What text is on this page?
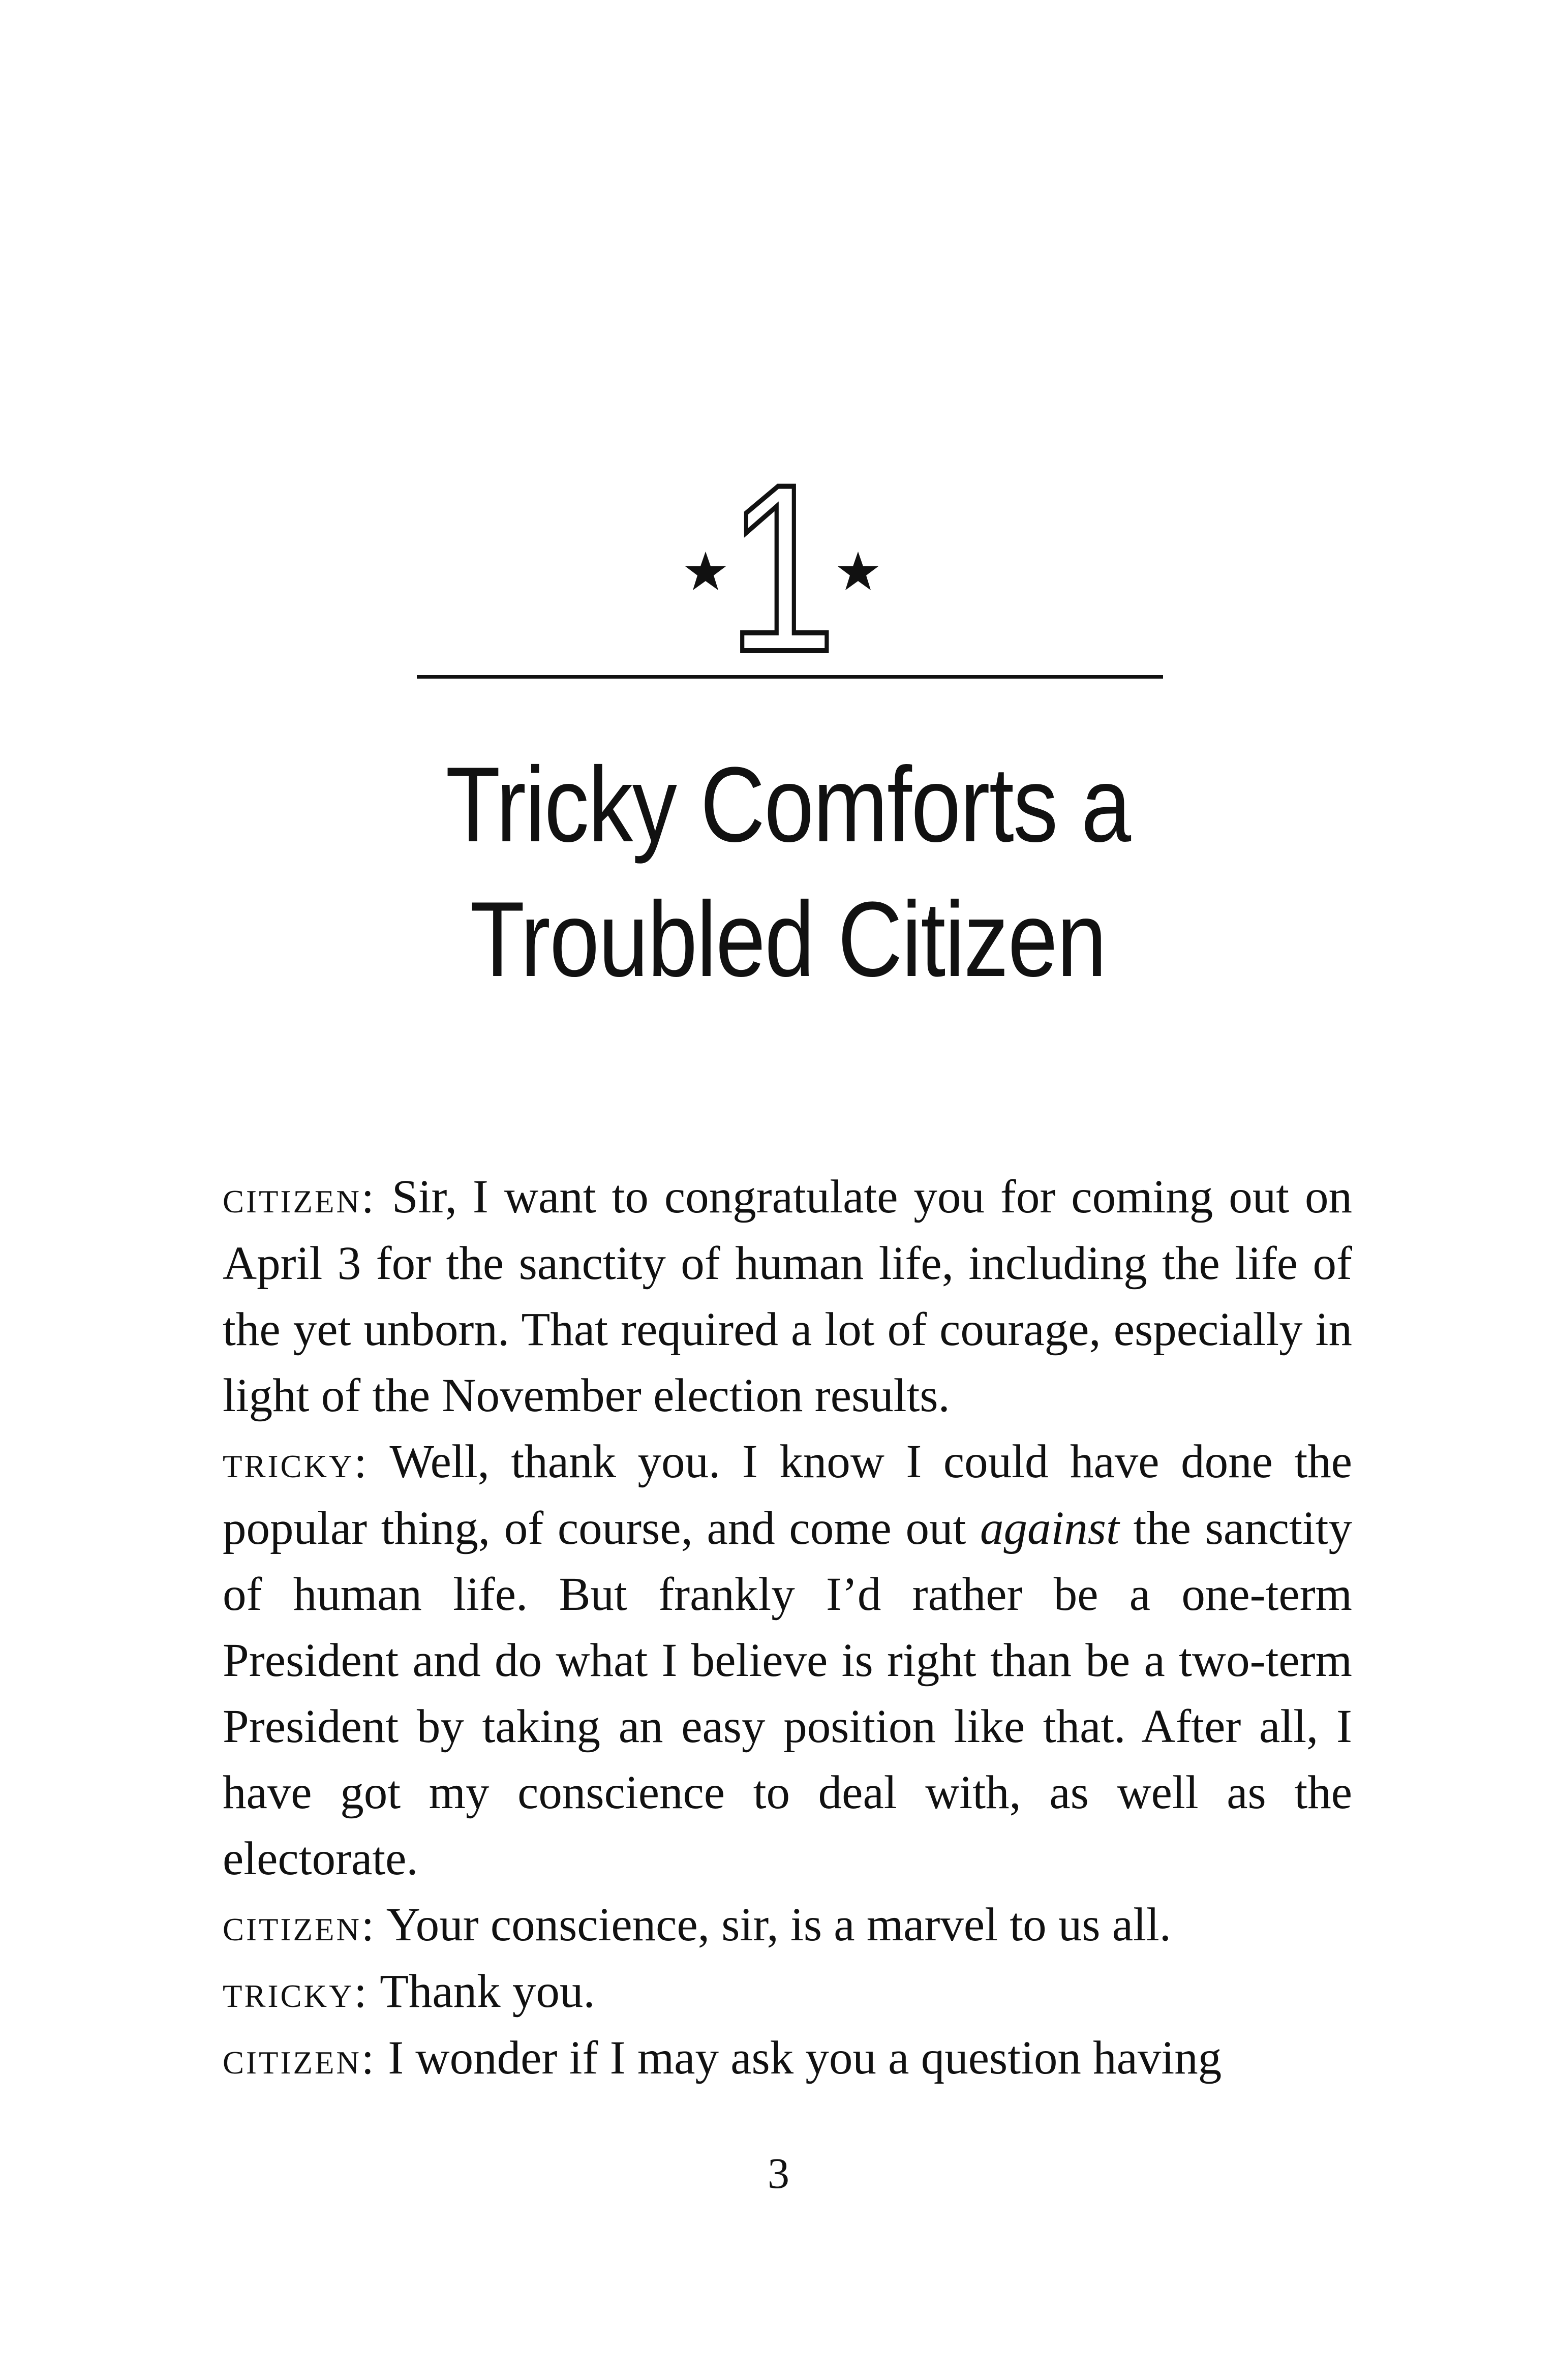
1
Tricky Comforts a
Troubled Citizen

citizen: Sir, I want to congratulate you for coming out on April 3 for the sanctity of human life, including the life of the yet unborn. That required a lot of courage, especially in light of the November election results.

tricky: Well, thank you. I know I could have done the popular thing, of course, and come out against the sanctity of human life. But frankly I’d rather be a one-term President and do what I believe is right than be a two-term President by taking an easy position like that. After all, I have got my conscience to deal with, as well as the electorate.

citizen: Your conscience, sir, is a marvel to us all.

tricky: Thank you.

citizen: I wonder if I may ask you a question having

3
